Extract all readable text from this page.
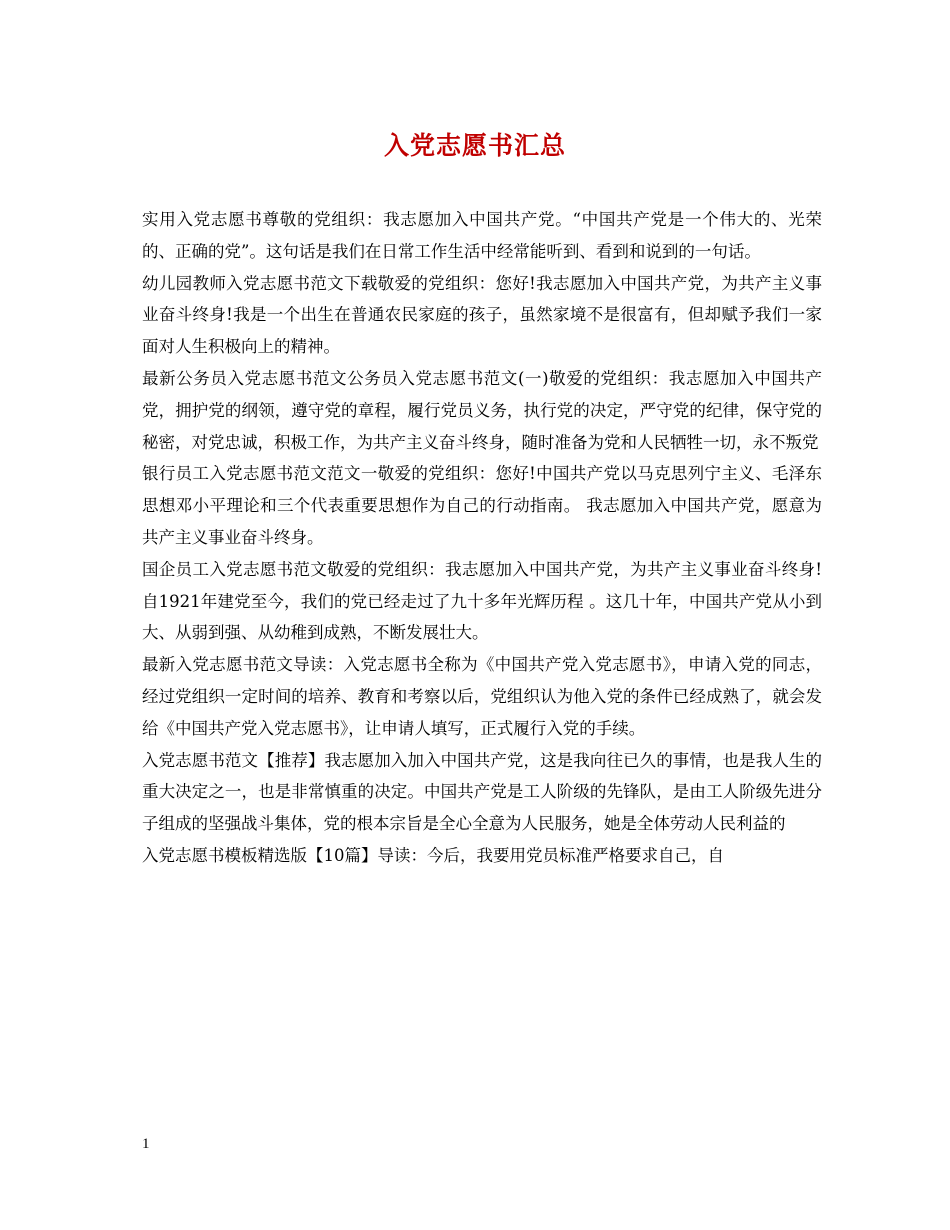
入党志愿书汇总

实用入党志愿书尊敬的党组织：我志愿加入中国共产党。“中国共产党是一个伟大的、光荣的、正确的党”。这句话是我们在日常工作生活中经常能听到、看到和说到的一句话。

幼儿园教师入党志愿书范文下载敬爱的党组织：您好!我志愿加入中国共产党，为共产主义事业奋斗终身!我是一个出生在普通农民家庭的孩子，虽然家境不是很富有，但却赋予我们一家面对人生积极向上的精神。

最新公务员入党志愿书范文公务员入党志愿书范文(一)敬爱的党组织：我志愿加入中国共产党，拥护党的纲领，遵守党的章程，履行党员义务，执行党的决定，严守党的纪律，保守党的秘密，对党忠诚，积极工作，为共产主义奋斗终身，随时准备为党和人民牺牲一切，永不叛党

银行员工入党志愿书范文范文一敬爱的党组织：您好!中国共产党以马克思列宁主义、毛泽东思想邓小平理论和三个代表重要思想作为自己的行动指南。 我志愿加入中国共产党，愿意为共产主义事业奋斗终身。

国企员工入党志愿书范文敬爱的党组织：我志愿加入中国共产党，为共产主义事业奋斗终身!自1921年建党至今，我们的党已经走过了九十多年光辉历程 。这几十年，中国共产党从小到大、从弱到强、从幼稚到成熟，不断发展壮大。

最新入党志愿书范文导读：入党志愿书全称为《中国共产党入党志愿书》，申请入党的同志，经过党组织一定时间的培养、教育和考察以后，党组织认为他入党的条件已经成熟了，就会发给《中国共产党入党志愿书》，让申请人填写，正式履行入党的手续。

入党志愿书范文【推荐】我志愿加入加入中国共产党，这是我向往已久的事情，也是我人生的重大决定之一，也是非常慎重的决定。中国共产党是工人阶级的先锋队，是由工人阶级先进分子组成的坚强战斗集体，党的根本宗旨是全心全意为人民服务，她是全体劳动人民利益的

入党志愿书模板精选版【10篇】导读：今后，我要用党员标准严格要求自己，自

1
